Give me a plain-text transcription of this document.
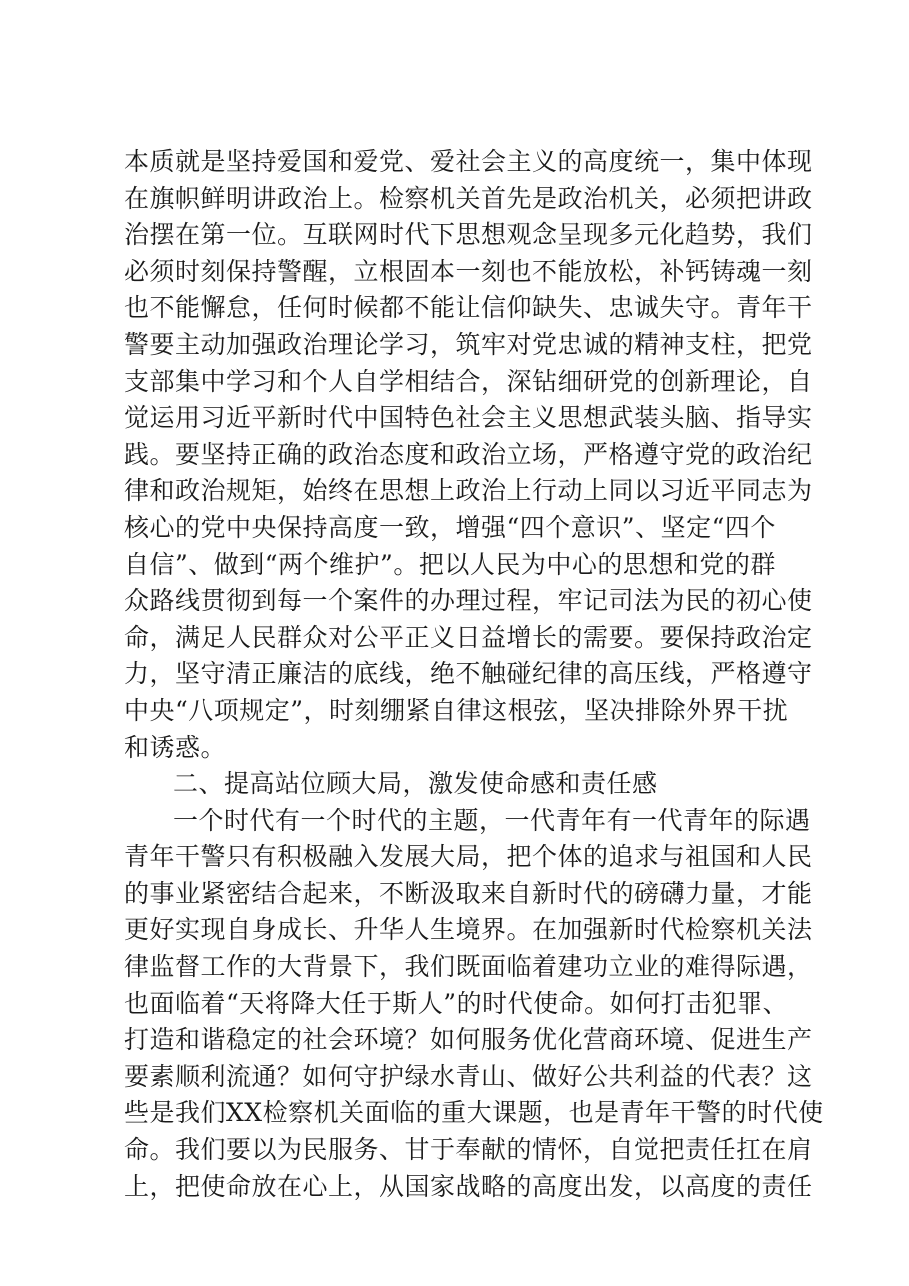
本质就是坚持爱国和爱党、爱社会主义的高度统一，集中体现
在旗帜鲜明讲政治上。检察机关首先是政治机关，必须把讲政
治摆在第一位。互联网时代下思想观念呈现多元化趋势，我们
必须时刻保持警醒，立根固本一刻也不能放松，补钙铸魂一刻
也不能懈怠，任何时候都不能让信仰缺失、忠诚失守。青年干
警要主动加强政治理论学习，筑牢对党忠诚的精神支柱，把党
支部集中学习和个人自学相结合，深钻细研党的创新理论，自
觉运用习近平新时代中国特色社会主义思想武装头脑、指导实
践。要坚持正确的政治态度和政治立场，严格遵守党的政治纪
律和政治规矩，始终在思想上政治上行动上同以习近平同志为
核心的党中央保持高度一致，增强“四个意识”、坚定“四个
自信”、做到“两个维护”。把以人民为中心的思想和党的群
众路线贯彻到每一个案件的办理过程，牢记司法为民的初心使
命，满足人民群众对公平正义日益增长的需要。要保持政治定
力，坚守清正廉洁的底线，绝不触碰纪律的高压线，严格遵守
中央“八项规定”，时刻绷紧自律这根弦，坚决排除外界干扰
和诱惑。
二、提高站位顾大局，激发使命感和责任感
一个时代有一个时代的主题，一代青年有一代青年的际遇
青年干警只有积极融入发展大局，把个体的追求与祖国和人民
的事业紧密结合起来，不断汲取来自新时代的磅礴力量，才能
更好实现自身成长、升华人生境界。在加强新时代检察机关法
律监督工作的大背景下，我们既面临着建功立业的难得际遇，
也面临着“天将降大任于斯人”的时代使命。如何打击犯罪、
打造和谐稳定的社会环境？如何服务优化营商环境、促进生产
要素顺利流通？如何守护绿水青山、做好公共利益的代表？这
些是我们XX检察机关面临的重大课题，也是青年干警的时代使
命。我们要以为民服务、甘于奉献的情怀，自觉把责任扛在肩
上，把使命放在心上，从国家战略的高度出发，以高度的责任
